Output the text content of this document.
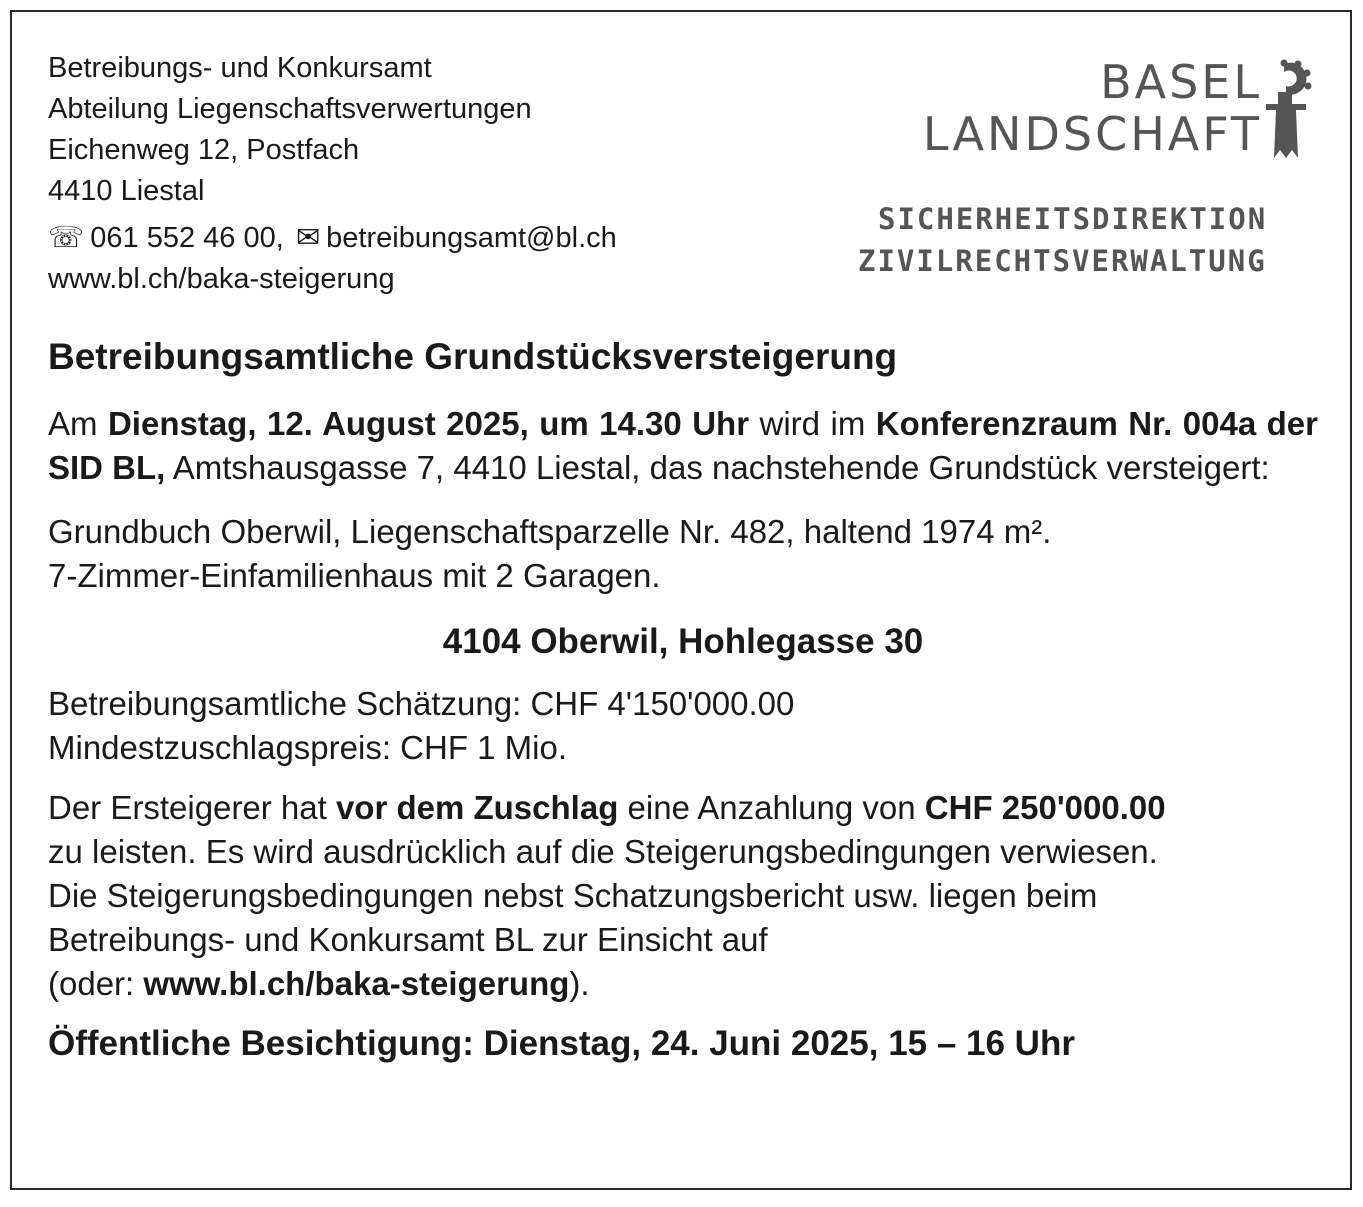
Betreibungs- und Konkursamt
Abteilung Liegenschaftsverwertungen
Eichenweg 12, Postfach
4410 Liestal
☏ 061 552 46 00, ✉ betreibungsamt@bl.ch
www.bl.ch/baka-steigerung
BASEL
LANDSCHAFT
SICHERHEITSDIREKTION
ZIVILRECHTSVERWALTUNG
Betreibungsamtliche Grundstücksversteigerung

Am Dienstag, 12. August 2025, um 14.30 Uhr wird im Konferenzraum Nr. 004a der SID BL, Amtshausgasse 7, 4410 Liestal, das nachstehende Grundstück versteigert:

Grundbuch Oberwil, Liegenschaftsparzelle Nr. 482, haltend 1974 m².
7-Zimmer-Einfamilienhaus mit 2 Garagen.

4104 Oberwil, Hohlegasse 30

Betreibungsamtliche Schätzung: CHF 4'150'000.00
Mindestzuschlagspreis: CHF 1 Mio.

Der Ersteigerer hat vor dem Zuschlag eine Anzahlung von CHF 250'000.00
zu leisten. Es wird ausdrücklich auf die Steigerungsbedingungen verwiesen.
Die Steigerungsbedingungen nebst Schatzungsbericht usw. liegen beim
Betreibungs- und Konkursamt BL zur Einsicht auf
(oder: www.bl.ch/baka-steigerung).

Öffentliche Besichtigung: Dienstag, 24. Juni 2025, 15 – 16 Uhr
